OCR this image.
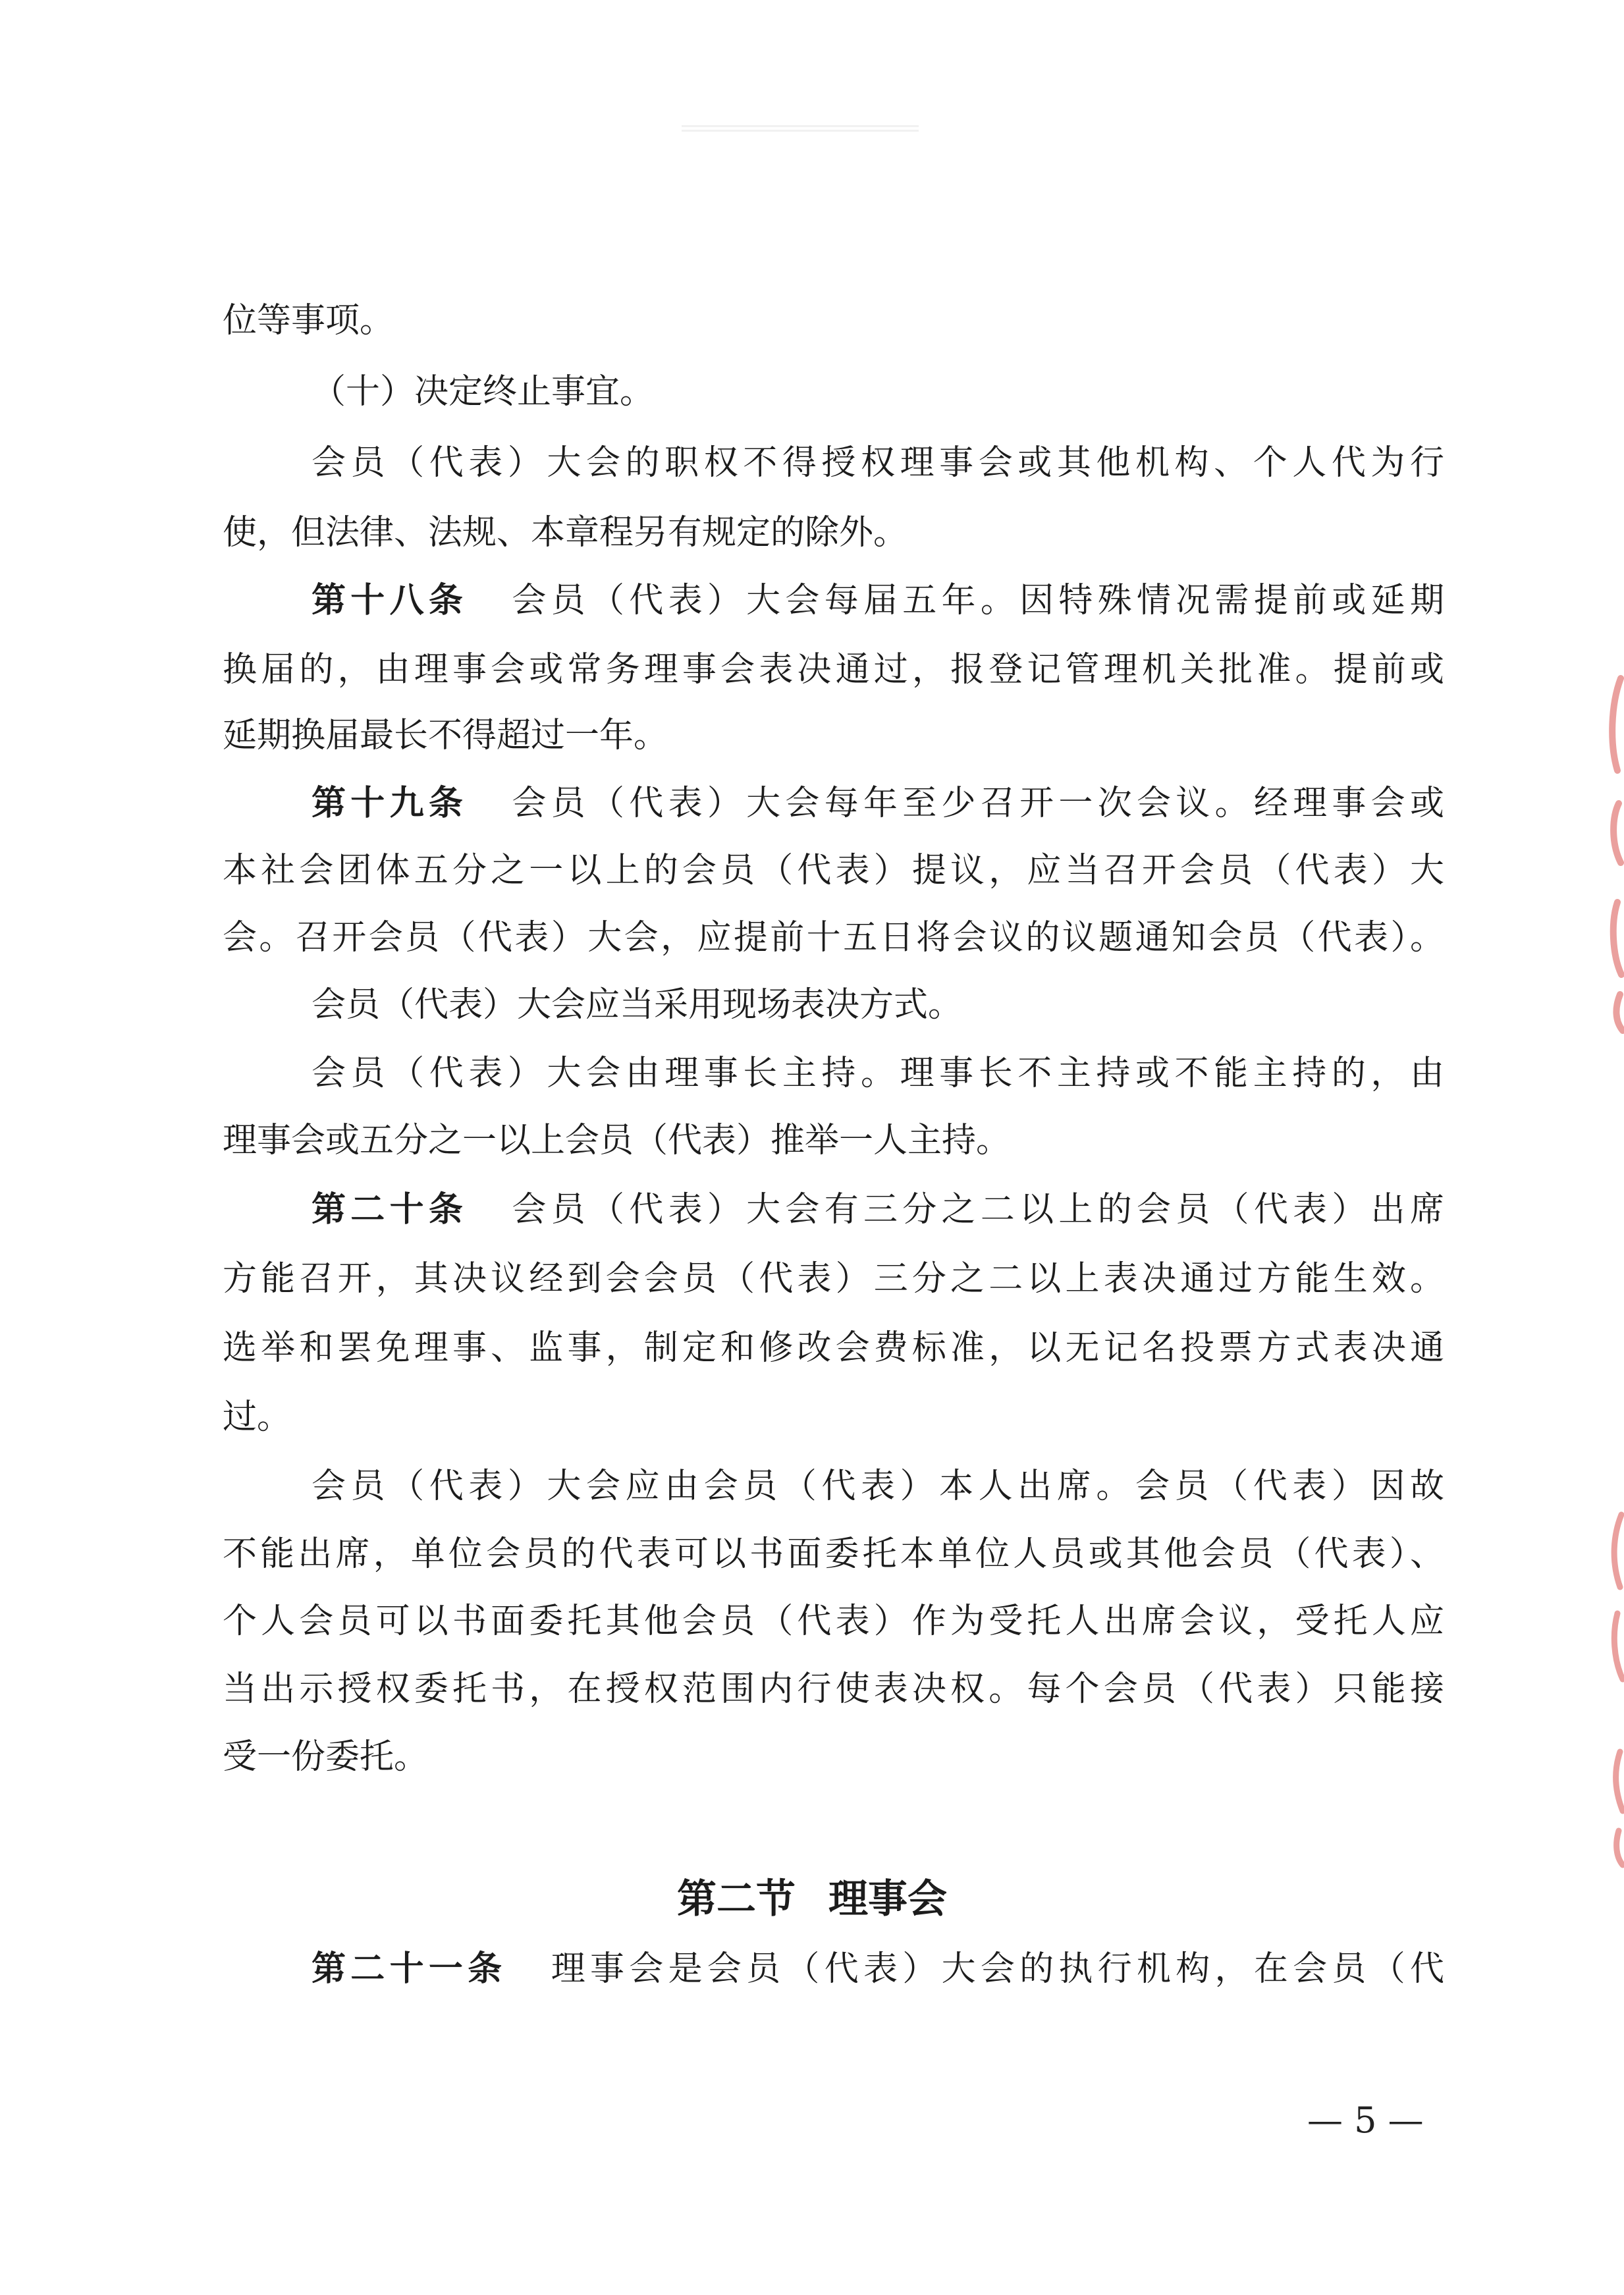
位等事项。
（十）决定终止事宜。
会员（代表）大会的职权不得授权理事会或其他机构、个人代为行
使，但法律、法规、本章程另有规定的除外。
第十八条 会员（代表）大会每届五年。因特殊情况需提前或延期
换届的，由理事会或常务理事会表决通过，报登记管理机关批准。提前或
延期换届最长不得超过一年。
第十九条 会员（代表）大会每年至少召开一次会议。经理事会或
本社会团体五分之一以上的会员（代表）提议，应当召开会员（代表）大
会。召开会员（代表）大会，应提前十五日将会议的议题通知会员（代表）。
会员（代表）大会应当采用现场表决方式。
会员（代表）大会由理事长主持。理事长不主持或不能主持的，由
理事会或五分之一以上会员（代表）推举一人主持。
第二十条 会员（代表）大会有三分之二以上的会员（代表）出席
方能召开，其决议经到会会员（代表）三分之二以上表决通过方能生效。
选举和罢免理事、监事，制定和修改会费标准，以无记名投票方式表决通
过。
会员（代表）大会应由会员（代表）本人出席。会员（代表）因故
不能出席，单位会员的代表可以书面委托本单位人员或其他会员（代表）、
个人会员可以书面委托其他会员（代表）作为受托人出席会议，受托人应
当出示授权委托书，在授权范围内行使表决权。每个会员（代表）只能接
受一份委托。
第二节 理事会
第二十一条 理事会是会员（代表）大会的执行机构，在会员（代
— 5 —
